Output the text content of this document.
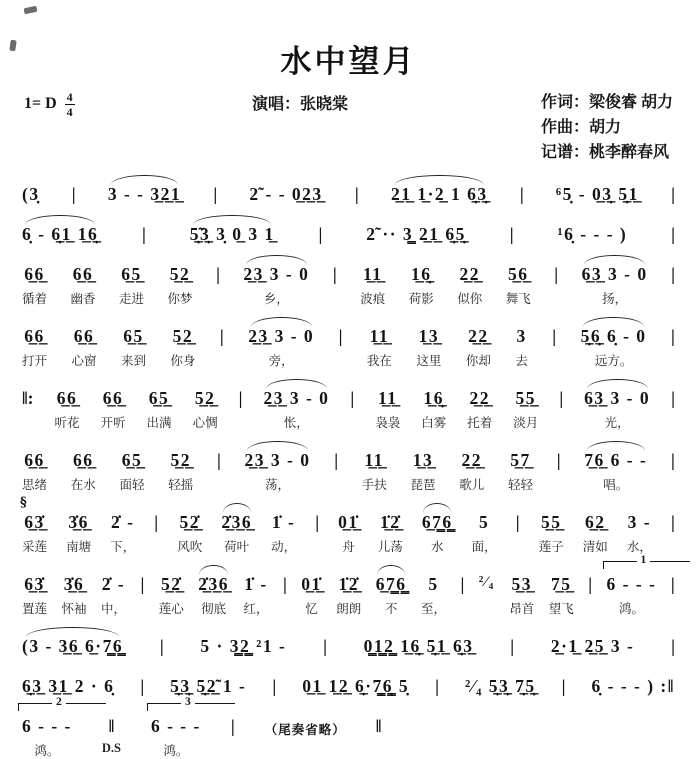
水中望月
1= D $\frac{4}{4}$	演唱：张晓棠	作词：梁俊睿 胡力
作曲：胡力
记谱：桃李醉春风
(3̣ | 3 - - 3̲2̲1̲ | 2̃ - - 0̲2̲3̲ | 2̲1̲ 1̲·2̲ 1 6̲̣3̲̣ | ⁶5̣ - 0̲3̲̣ 5̲̣1̲ |
6̣ - 6̲̣1̲ 1̲6̲̣	|	5̲̣̃3̲̣ 3̣ 0̲ 3 1̲	|	2̃ ·· 3̳ 2̲1̲ 6̲̣5̲̣	|	¹6̣ - - - )	|
6̲6̲
循着
6̲6̲
幽香
6̲5̲
走进
5̲2̲
你梦
|
2̲3̲ 3 - 0
乡，
|
1̲1̲
波痕
1̲6̲̣
荷影
2̲2̲
似你
5̲6̲
舞飞
|
6̲3̲ 3 - 0
扬，
|

6̲6̲
打开
6̲6̲
心窗
6̲5̲
来到
5̲2̲
你身
|
2̲3̲ 3 - 0
旁，
|
1̲1̲
我在
1̲3̲
这里
2̲2̲
你却
3
去
|
5̲̣6̲̣ 6̣ - 0
远方。
|

‖:
6̲6̲
听花
6̲6̲
开听
6̲5̲
出满
5̲2̲
心惆
|
2̲3̲ 3 - 0
怅，
|
1̲1̲
袅袅
1̲6̲̣
白雾
2̲2̲
托着
5̲5̲
淡月
|
6̲3̲ 3 - 0
光，
|

6̲6̲
思绪
6̲6̲
在水
6̲5̲
面轻
5̲2̲
轻摇
|
2̲3̲ 3 - 0
荡，
|
1̲1̲
手扶
1̲3̲
琵琶
2̲2̲
歌儿
5̲7̲
轻轻
|
7̲6̲ 6 - -
唱。
|

§
6̲3̲̇
采莲
3̲̇6̲
南塘
2̇ -
下，
|
5̲2̲̇
风吹
2̲̇3̲6̲
荷叶
1̇ -
动，
|
0̲1̲̇
舟
1̲̇2̲̇
儿荡
6̲7̳6̳
水
5
面，
|
5̲5̲
莲子
6̲2̲
清如
3 -
水，
|

6̲3̲̇
置莲
3̲̇6̲
怀袖
2̇ -
中，
|
5̲2̲̇
莲心
2̲̇3̲6̲
彻底
1̇ -
红，
|
0̲1̲̇
忆
1̲̇2̲̇
朗朗
6̲7̳6̳
不
5
至，
|
²⁄₄
5̲3̲
昂首
7̲5̲
望飞
|

1
6 - - -
鸿。
|

(3 - 3̲6̲ 6̲·7̳6̳ | 5 · 3̳2̳ ²1 - | 0̳1̳2̳ 1̲6̲̣ 5̲̣1̲ 6̲̣3̲ | 2̲·1̲ 2̲5̲ 3 - |
6̲̣3̲ 3̲1̲ 2 · 6̣ | 5̲̣3̲̣ 5̲̣2̲̃ 1 - | 0̲1̲ 1̲2̲ 6̲̣·7̳̣6̳̣ 5̣ | ²⁄₄ 5̲̣3̲̣ 7̲̣5̲̣ | 6̣ - - - ) :‖
2
6 - - -
鸿。
‖
D.S
3
6 - - -
鸿。
|
（尾奏省略）
‖
